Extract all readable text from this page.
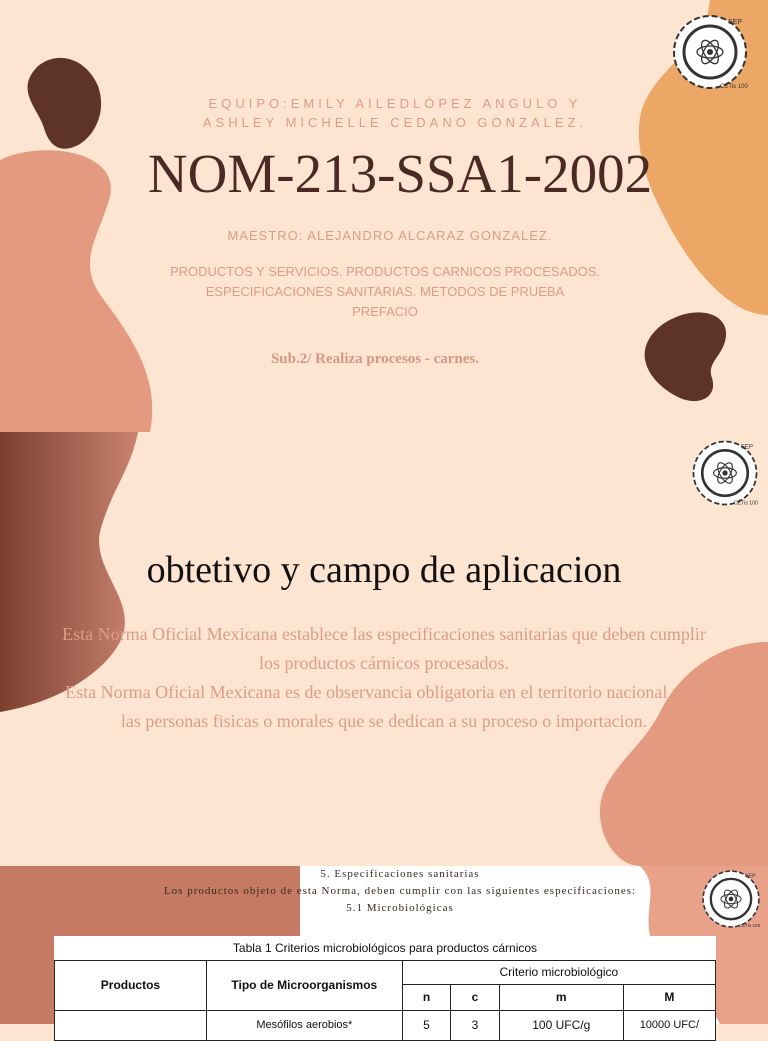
SEP
CETis 100
EQUIPO:EMILY AILEDLÓPEZ ANGULO Y ASHLEY MICHELLE CEDANO GONZALEZ.
NOM-213-SSA1-2002
MAESTRO: ALEJANDRO ALCARAZ GONZALEZ.
PRODUCTOS Y SERVICIOS. PRODUCTOS CARNICOS PROCESADOS.
ESPECIFICACIONES SANITARIAS. METODOS DE PRUEBA
PREFACIO
Sub.2/ Realiza procesos - carnes.
SEP
CETis 100
obtetivo y campo de aplicacion
Esta Norma Oficial Mexicana establece las especificaciones sanitarias que deben cumplir los productos cárnicos procesados.
Esta Norma Oficial Mexicana es de observancia obligatoria en el territorio nacional para las personas fisicas o morales que se dedican a su proceso o importacion.
5. Especificaciones sanitarias
Los productos objeto de esta Norma, deben cumplir con las siguientes especificaciones:
5.1 Microbiológicas
SEP
CETis 100
Tabla 1 Criterios microbiológicos para productos cárnicos					
Productos	Tipo de Microorganismos	Criterio microbiológico			
		n	c	m	M
	Mesófilos aerobios*	5	3	100 UFC/g	10000 UFC/
